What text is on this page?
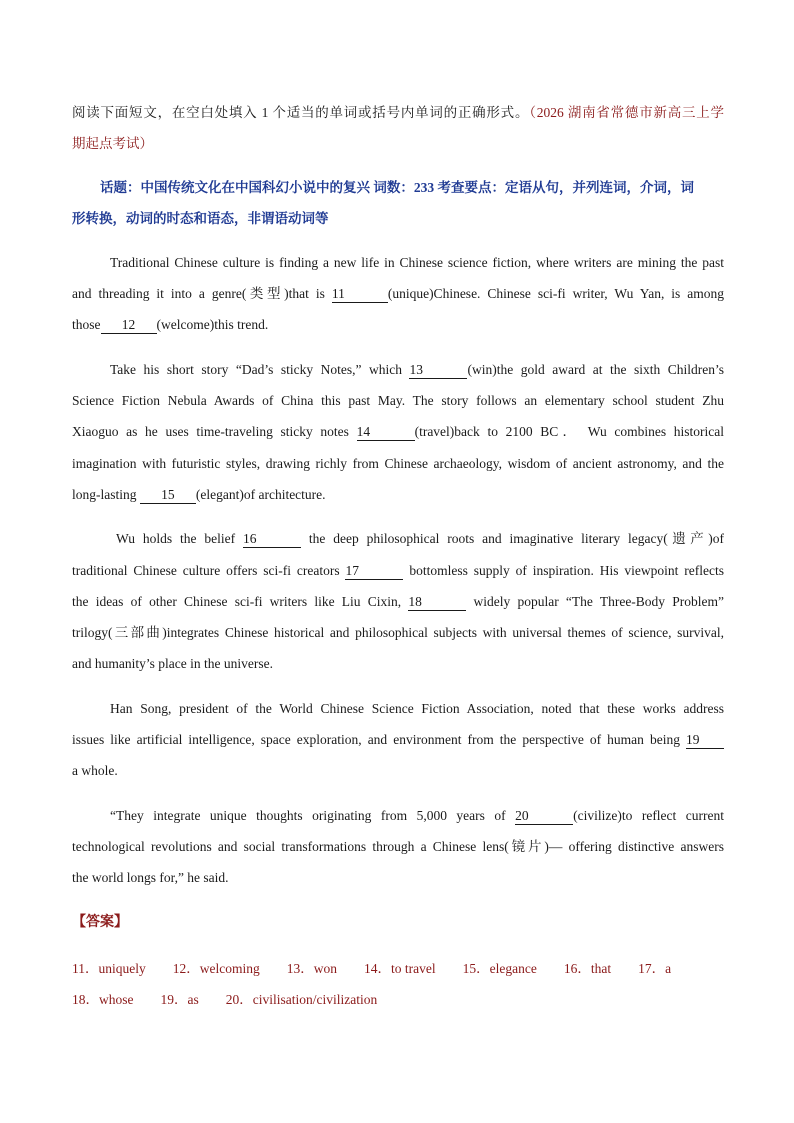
阅读下面短文，在空白处填入 1 个适当的单词或括号内单词的正确形式。（2026 湖南省常德市新高三上学
期起点考试）
话题：中国传统文化在中国科幻小说中的复兴 词数：233 考查要点：定语从句，并列连词，介词，词
形转换，动词的时态和语态，非谓语动词等
Traditional Chinese culture is finding a new life in Chinese science fiction, where writers are mining the past
and threading it into a genre(类型)that is 11	(unique)Chinese. Chinese sci-fi writer, Wu Yan, is among
those 12 (welcome)this trend.
Take his short story “Dad’s sticky Notes,” which 13	(win)the gold award at the sixth Children’s
Science Fiction Nebula Awards of China this past May. The story follows an elementary school student Zhu
Xiaoguo as he uses time-traveling sticky notes 14	(travel)back to 2100 BC． Wu combines historical
imagination with futuristic styles, drawing richly from Chinese archaeology, wisdom of ancient astronomy, and the
long-lasting 15 (elegant)of architecture.
Wu holds the belief 16	the deep philosophical roots and imaginative literary legacy(遗产)of
traditional Chinese culture offers sci-fi creators 17	bottomless supply of inspiration. His viewpoint reflects
the ideas of other Chinese sci-fi writers like Liu Cixin, 18	widely popular “The Three-Body Problem”
trilogy(三部曲)integrates Chinese historical and philosophical subjects with universal themes of science, survival,
and humanity’s place in the universe.
Han Song, president of the World Chinese Science Fiction Association, noted that these works address
issues like artificial intelligence, space exploration, and environment from the perspective of human being 19
a whole.
“They integrate unique thoughts originating from 5,000 years of 20	(civilize)to reflect current
technological revolutions and social transformations through a Chinese lens(镜片)— offering distinctive answers
the world longs for,” he said.
【答案】
11．uniquely 12．welcoming 13．won 14．to travel 15．elegance 16．that 17．a
18．whose 19．as 20．civilisation/civilization
